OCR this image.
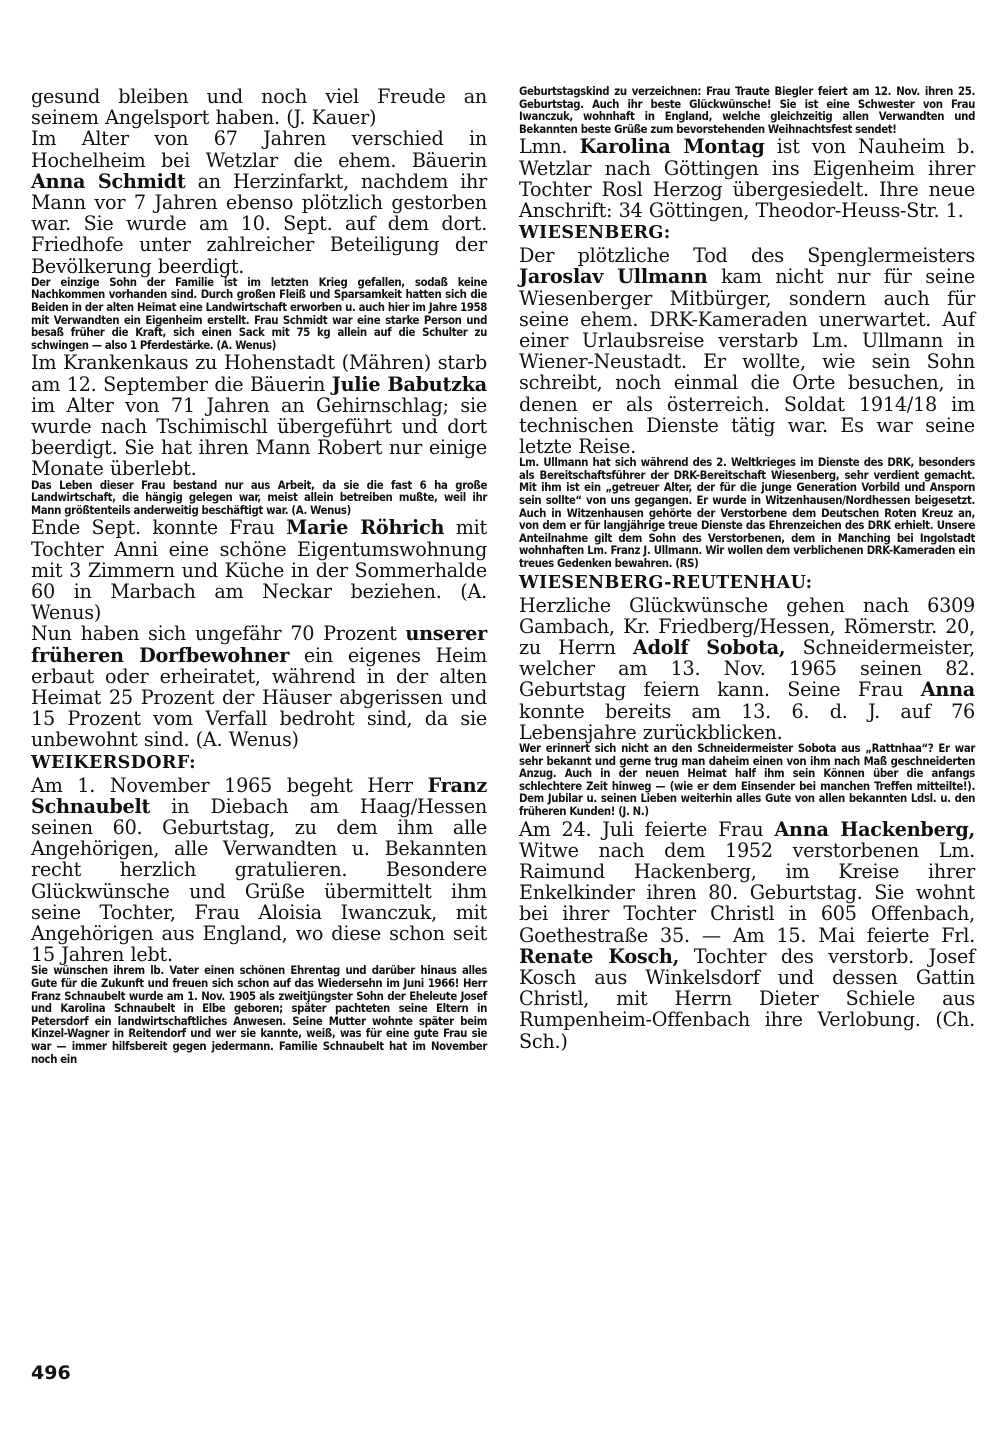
gesund bleiben und noch viel Freude an seinem Angelsport haben. (J. Kauer)

Im Alter von 67 Jahren verschied in Hochelheim bei Wetzlar die ehem. Bäuerin Anna Schmidt an Herzinfarkt, nachdem ihr Mann vor 7 Jahren ebenso plötzlich gestorben war. Sie wurde am 10. Sept. auf dem dort. Friedhofe unter zahlreicher Beteiligung der Bevölkerung beerdigt.

Der einzige Sohn der Familie ist im letzten Krieg gefallen, sodaß keine Nachkommen vorhanden sind. Durch großen Fleiß und Sparsamkeit hatten sich die Beiden in der alten Heimat eine Landwirtschaft erworben u. auch hier im Jahre 1958 mit Verwandten ein Eigenheim erstellt. Frau Schmidt war eine starke Person und besaß früher die Kraft, sich einen Sack mit 75 kg allein auf die Schulter zu schwingen — also 1 Pferdestärke. (A. Wenus)

Im Krankenkaus zu Hohenstadt (Mähren) starb am 12. September die Bäuerin Julie Babutzka im Alter von 71 Jahren an Gehirnschlag; sie wurde nach Tschimischl übergeführt und dort beerdigt. Sie hat ihren Mann Robert nur einige Monate überlebt.

Das Leben dieser Frau bestand nur aus Arbeit, da sie die fast 6 ha große Landwirtschaft, die hängig gelegen war, meist allein betreiben mußte, weil ihr Mann größtenteils anderweitig beschäftigt war. (A. Wenus)

Ende Sept. konnte Frau Marie Röhrich mit Tochter Anni eine schöne Eigentumswohnung mit 3 Zimmern und Küche in der Sommerhalde 60 in Marbach am Neckar beziehen. (A. Wenus)

Nun haben sich ungefähr 70 Prozent unserer früheren Dorfbewohner ein eigenes Heim erbaut oder erheiratet, während in der alten Heimat 25 Prozent der Häuser abgerissen und 15 Prozent vom Verfall bedroht sind, da sie unbewohnt sind. (A. Wenus)

WEIKERSDORF:

Am 1. November 1965 begeht Herr Franz Schnaubelt in Diebach am Haag/Hessen seinen 60. Geburtstag, zu dem ihm alle Angehörigen, alle Verwandten u. Bekannten recht herzlich gratulieren. Besondere Glückwünsche und Grüße übermittelt ihm seine Tochter, Frau Aloisia Iwanczuk, mit Angehörigen aus England, wo diese schon seit 15 Jahren lebt.

Sie wünschen ihrem lb. Vater einen schönen Ehrentag und darüber hinaus alles Gute für die Zukunft und freuen sich schon auf das Wiedersehn im Juni 1966! Herr Franz Schnaubelt wurde am 1. Nov. 1905 als zweitjüngster Sohn der Eheleute Josef und Karolina Schnaubelt in Elbe geboren; später pachteten seine Eltern in Petersdorf ein landwirtschaftliches Anwesen. Seine Mutter wohnte später beim Kinzel-Wagner in Reitendorf und wer sie kannte, weiß, was für eine gute Frau sie war — immer hilfsbereit gegen jedermann. Familie Schnaubelt hat im November noch ein

Geburtstagskind zu verzeichnen: Frau Traute Biegler feiert am 12. Nov. ihren 25. Geburtstag. Auch ihr beste Glückwünsche! Sie ist eine Schwester von Frau Iwanczuk, wohnhaft in England, welche gleichzeitig allen Verwandten und Bekannten beste Grüße zum bevorstehenden Weihnachtsfest sendet!

Lmn. Karolina Montag ist von Nauheim b. Wetzlar nach Göttingen ins Eigenheim ihrer Tochter Rosl Herzog übergesiedelt. Ihre neue Anschrift: 34 Göttingen, Theodor-Heuss-Str. 1.

WIESENBERG:

Der plötzliche Tod des Spenglermeisters Jaroslav Ullmann kam nicht nur für seine Wiesenberger Mitbürger, sondern auch für seine ehem. DRK-Kameraden unerwartet. Auf einer Urlaubsreise verstarb Lm. Ullmann in Wiener-Neustadt. Er wollte, wie sein Sohn schreibt, noch einmal die Orte besuchen, in denen er als österreich. Soldat 1914/18 im technischen Dienste tätig war. Es war seine letzte Reise.

Lm. Ullmann hat sich während des 2. Weltkrieges im Dienste des DRK, besonders als Bereitschaftsführer der DRK-Bereitschaft Wiesenberg, sehr verdient gemacht. Mit ihm ist ein „getreuer Alter, der für die junge Generation Vorbild und Ansporn sein sollte“ von uns gegangen. Er wurde in Witzenhausen/Nordhessen beigesetzt. Auch in Witzenhausen gehörte der Verstorbene dem Deutschen Roten Kreuz an, von dem er für langjährige treue Dienste das Ehrenzeichen des DRK erhielt. Unsere Anteilnahme gilt dem Sohn des Verstorbenen, dem in Manching bei Ingolstadt wohnhaften Lm. Franz J. Ullmann. Wir wollen dem verblichenen DRK-Kameraden ein treues Gedenken bewahren. (RS)

WIESENBERG-REUTENHAU:

Herzliche Glückwünsche gehen nach 6309 Gambach, Kr. Friedberg/Hessen, Römerstr. 20, zu Herrn Adolf Sobota, Schneidermeister, welcher am 13. Nov. 1965 seinen 82. Geburtstag feiern kann. Seine Frau Anna konnte bereits am 13. 6. d. J. auf 76 Lebensjahre zurückblicken.

Wer erinnert sich nicht an den Schneidermeister Sobota aus „Rattnhaa“? Er war sehr bekannt und gerne trug man daheim einen von ihm nach Maß geschneiderten Anzug. Auch in der neuen Heimat half ihm sein Können über die anfangs schlechtere Zeit hinweg — (wie er dem Einsender bei manchen Treffen mitteilte!). Dem Jubilar u. seinen Lieben weiterhin alles Gute von allen bekannten Ldsl. u. den früheren Kunden! (J. N.)

Am 24. Juli feierte Frau Anna Hackenberg, Witwe nach dem 1952 verstorbenen Lm. Raimund Hackenberg, im Kreise ihrer Enkelkinder ihren 80. Geburtstag. Sie wohnt bei ihrer Tochter Christl in 605 Offenbach, Goethestraße 35. — Am 15. Mai feierte Frl. Renate Kosch, Tochter des verstorb. Josef Kosch aus Winkelsdorf und dessen Gattin Christl, mit Herrn Dieter Schiele aus Rumpenheim-Offenbach ihre Verlobung. (Ch. Sch.)

496
